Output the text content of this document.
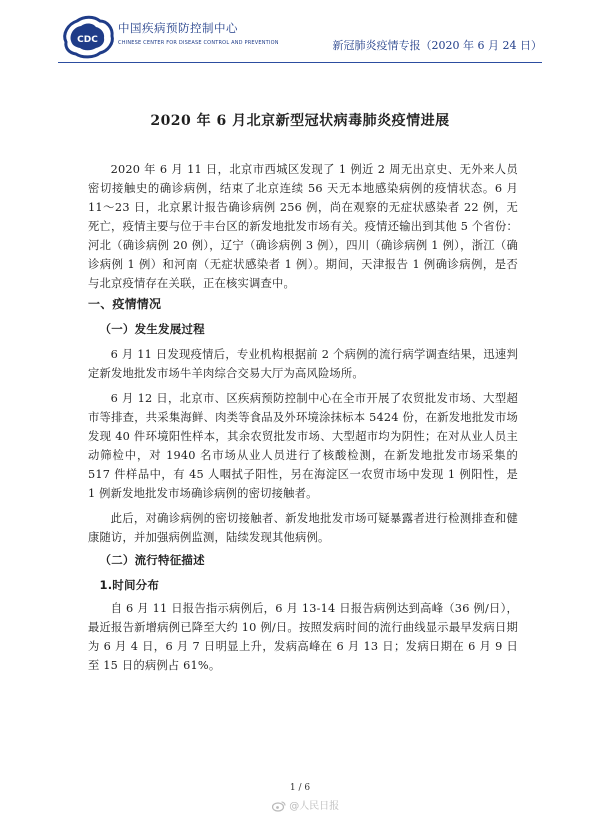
CDC
中国疾病预防控制中心
CHINESE CENTER FOR DISEASE CONTROL AND PREVENTION	新冠肺炎疫情专报（2020 年 6 月 24 日）
2020 年 6 月北京新型冠状病毒肺炎疫情进展

2020 年 6 月 11 日，北京市西城区发现了 1 例近 2 周无出京史、无外来人员密切接触史的确诊病例，结束了北京连续 56 天无本地感染病例的疫情状态。6 月 11～23 日，北京累计报告确诊病例 256 例，尚在观察的无症状感染者 22 例，无死亡，疫情主要与位于丰台区的新发地批发市场有关。疫情还输出到其他 5 个省份：河北（确诊病例 20 例），辽宁（确诊病例 3 例），四川（确诊病例 1 例），浙江（确诊病例 1 例）和河南（无症状感染者 1 例）。期间，天津报告 1 例确诊病例，是否与北京疫情存在关联，正在核实调查中。

一、疫情情况
（一）发生发展过程

6 月 11 日发现疫情后，专业机构根据前 2 个病例的流行病学调查结果，迅速判定新发地批发市场牛羊肉综合交易大厅为高风险场所。

6 月 12 日，北京市、区疾病预防控制中心在全市开展了农贸批发市场、大型超市等排查，共采集海鲜、肉类等食品及外环境涂抹标本 5424 份，在新发地批发市场发现 40 件环境阳性样本，其余农贸批发市场、大型超市均为阴性；在对从业人员主动筛检中，对 1940 名市场从业人员进行了核酸检测，在新发地批发市场采集的 517 件样品中，有 45 人咽拭子阳性，另在海淀区一农贸市场中发现 1 例阳性，是 1 例新发地批发市场确诊病例的密切接触者。

此后，对确诊病例的密切接触者、新发地批发市场可疑暴露者进行检测排查和健康随访，并加强病例监测，陆续发现其他病例。

（二）流行特征描述
1.时间分布

自 6 月 11 日报告指示病例后，6 月 13-14 日报告病例达到高峰（36 例/日），最近报告新增病例已降至大约 10 例/日。按照发病时间的流行曲线显示最早发病日期为 6 月 4 日，6 月 7 日明显上升，发病高峰在 6 月 13 日；发病日期在 6 月 9 日至 15 日的病例占 61%。

1 / 6
@人民日报
